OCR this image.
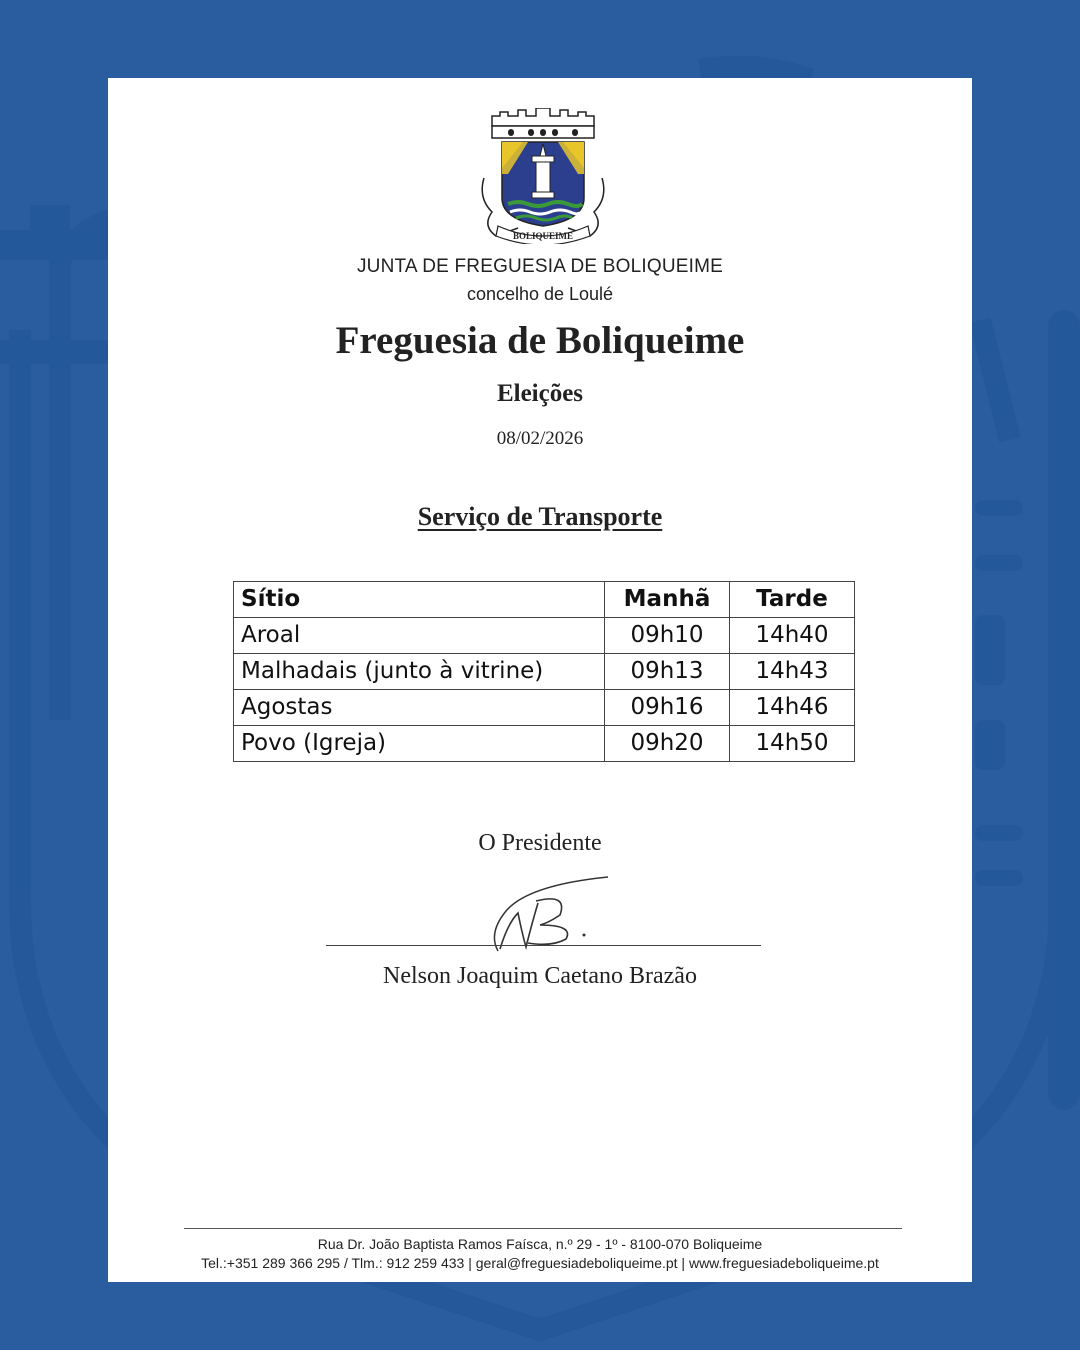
BOLIQUEIME
JUNTA DE FREGUESIA DE BOLIQUEIME
concelho de Loulé
Freguesia de Boliqueime
Eleições
08/02/2026
Serviço de Transporte
Sítio	Manhã	Tarde
Aroal	09h10	14h40
Malhadais (junto à vitrine)	09h13	14h43
Agostas	09h16	14h46
Povo (Igreja)	09h20	14h50
O Presidente
Nelson Joaquim Caetano Brazão
Rua Dr. João Baptista Ramos Faísca, n.º 29 - 1º - 8100-070 Boliqueime
Tel.:+351 289 366 295 / Tlm.: 912 259 433 | geral@freguesiadeboliqueime.pt | www.freguesiadeboliqueime.pt
